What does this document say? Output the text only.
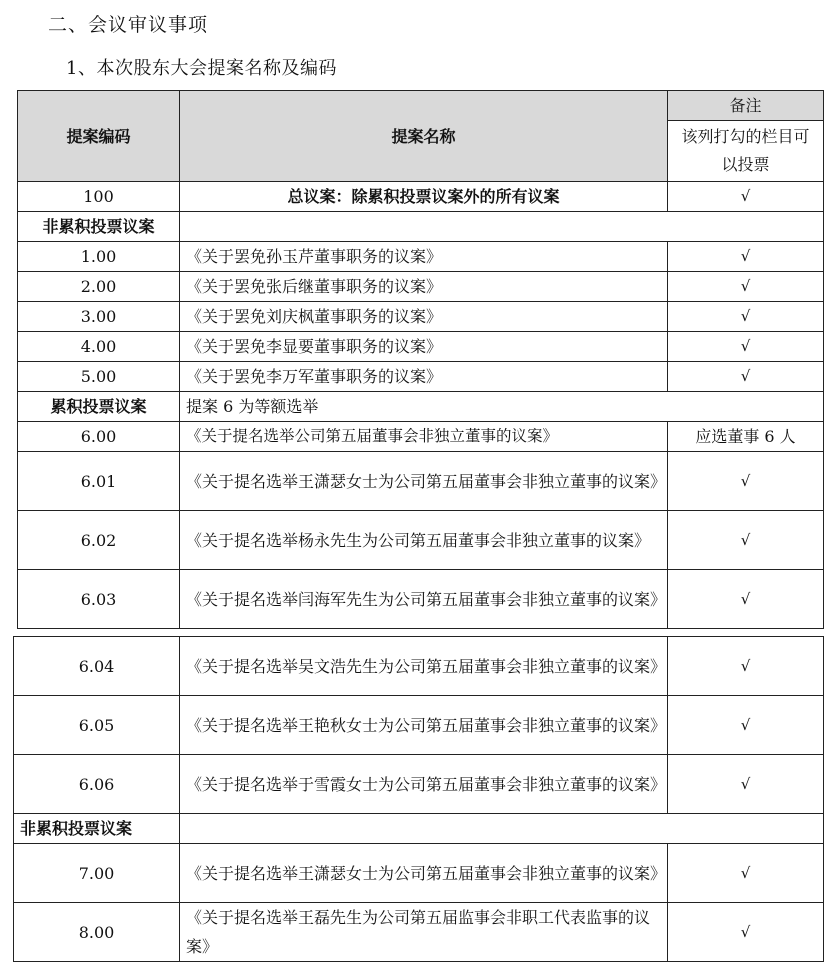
二、会议审议事项
1、本次股东大会提案名称及编码
提案编码	提案名称	备注
该列打勾的栏目可以投票

100	总议案：除累积投票议案外的所有议案	√
非累积投票议案		
1.00	《关于罢免孙玉芹董事职务的议案》	√
2.00	《关于罢免张后继董事职务的议案》	√
3.00	《关于罢免刘庆枫董事职务的议案》	√
4.00	《关于罢免李显要董事职务的议案》	√
5.00	《关于罢免李万军董事职务的议案》	√
累积投票议案	提案 6 为等额选举	
6.00	《关于提名选举公司第五届董事会非独立董事的议案》	应选董事 6 人
6.01	《关于提名选举王潇瑟女士为公司第五届董事会非独立董事的议案》	√
6.02	《关于提名选举杨永先生为公司第五届董事会非独立董事的议案》	√
6.03	《关于提名选举闫海军先生为公司第五届董事会非独立董事的议案》	√
6.04	《关于提名选举吴文浩先生为公司第五届董事会非独立董事的议案》	√
6.05	《关于提名选举王艳秋女士为公司第五届董事会非独立董事的议案》	√
6.06	《关于提名选举于雪霞女士为公司第五届董事会非独立董事的议案》	√
非累积投票议案		
7.00	《关于提名选举王潇瑟女士为公司第五届董事会非独立董事的议案》	√
8.00	《关于提名选举王磊先生为公司第五届监事会非职工代表监事的议案》	√
